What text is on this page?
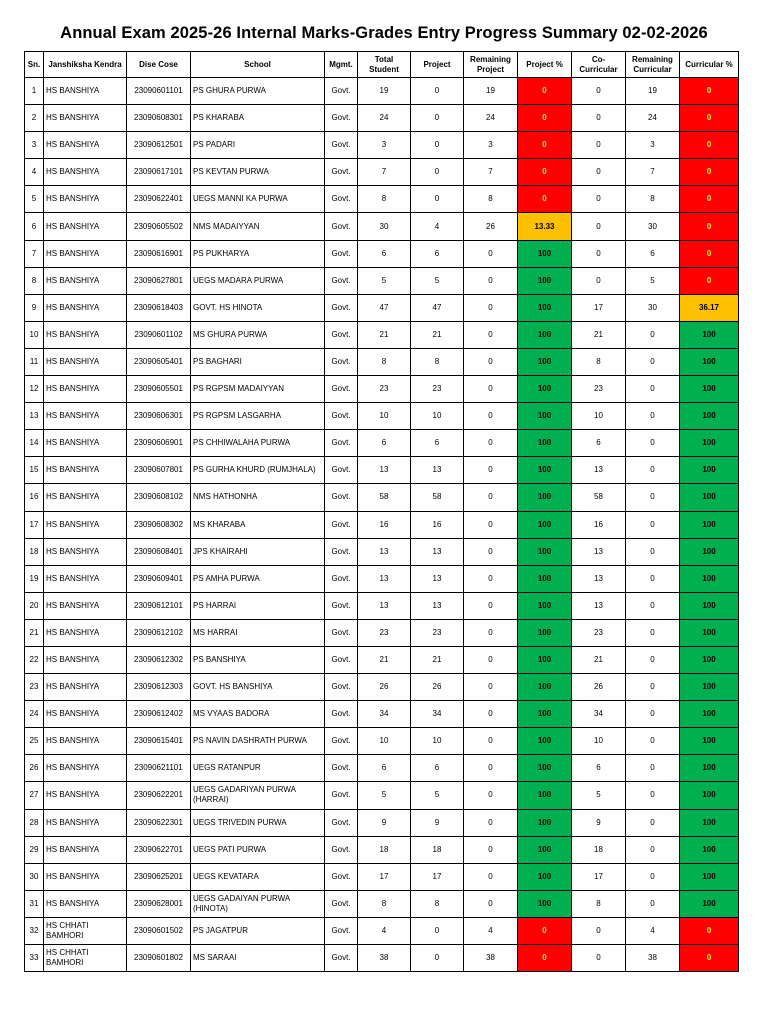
Annual Exam 2025-26 Internal Marks-Grades Entry Progress Summary 02-02-2026
Sn.	Janshiksha Kendra	Dise Cose	School	Mgmt.	Total Student	Project	Remaining Project	Project %	Co-Curricular	Remaining Curricular	Curricular %
1	HS BANSHIYA	23090601101	PS GHURA PURWA	Govt.	19	0	19	0	0	19	0
2	HS BANSHIYA	23090608301	PS KHARABA	Govt.	24	0	24	0	0	24	0
3	HS BANSHIYA	23090612501	PS PADARI	Govt.	3	0	3	0	0	3	0
4	HS BANSHIYA	23090617101	PS KEVTAN PURWA	Govt.	7	0	7	0	0	7	0
5	HS BANSHIYA	23090622401	UEGS MANNI KA PURWA	Govt.	8	0	8	0	0	8	0
6	HS BANSHIYA	23090605502	NMS MADAIYYAN	Govt.	30	4	26	13.33	0	30	0
7	HS BANSHIYA	23090616901	PS PUKHARYA	Govt.	6	6	0	100	0	6	0
8	HS BANSHIYA	23090627801	UEGS MADARA PURWA	Govt.	5	5	0	100	0	5	0
9	HS BANSHIYA	23090618403	GOVT. HS HINOTA	Govt.	47	47	0	100	17	30	36.17
10	HS BANSHIYA	23090601102	MS GHURA PURWA	Govt.	21	21	0	100	21	0	100
11	HS BANSHIYA	23090605401	PS BAGHARI	Govt.	8	8	0	100	8	0	100
12	HS BANSHIYA	23090605501	PS RGPSM MADAIYYAN	Govt.	23	23	0	100	23	0	100
13	HS BANSHIYA	23090606301	PS RGPSM LASGARHA	Govt.	10	10	0	100	10	0	100
14	HS BANSHIYA	23090606901	PS CHHIWALAHA PURWA	Govt.	6	6	0	100	6	0	100
15	HS BANSHIYA	23090607801	PS GURHA KHURD (RUMJHALA)	Govt.	13	13	0	100	13	0	100
16	HS BANSHIYA	23090608102	NMS HATHONHA	Govt.	58	58	0	100	58	0	100
17	HS BANSHIYA	23090608302	MS KHARABA	Govt.	16	16	0	100	16	0	100
18	HS BANSHIYA	23090608401	JPS KHAIRAHI	Govt.	13	13	0	100	13	0	100
19	HS BANSHIYA	23090609401	PS AMHA PURWA	Govt.	13	13	0	100	13	0	100
20	HS BANSHIYA	23090612101	PS HARRAI	Govt.	13	13	0	100	13	0	100
21	HS BANSHIYA	23090612102	MS HARRAI	Govt.	23	23	0	100	23	0	100
22	HS BANSHIYA	23090612302	PS BANSHIYA	Govt.	21	21	0	100	21	0	100
23	HS BANSHIYA	23090612303	GOVT. HS BANSHIYA	Govt.	26	26	0	100	26	0	100
24	HS BANSHIYA	23090612402	MS VYAAS BADORA	Govt.	34	34	0	100	34	0	100
25	HS BANSHIYA	23090615401	PS NAVIN DASHRATH PURWA	Govt.	10	10	0	100	10	0	100
26	HS BANSHIYA	23090621101	UEGS RATANPUR	Govt.	6	6	0	100	6	0	100
27	HS BANSHIYA	23090622201	UEGS GADARIYAN PURWA (HARRAI)	Govt.	5	5	0	100	5	0	100
28	HS BANSHIYA	23090622301	UEGS TRIVEDIN PURWA	Govt.	9	9	0	100	9	0	100
29	HS BANSHIYA	23090622701	UEGS PATI PURWA	Govt.	18	18	0	100	18	0	100
30	HS BANSHIYA	23090625201	UEGS KEVATARA	Govt.	17	17	0	100	17	0	100
31	HS BANSHIYA	23090628001	UEGS GADAIYAN PURWA (HINOTA)	Govt.	8	8	0	100	8	0	100
32	HS CHHATI BAMHORI	23090601502	PS JAGATPUR	Govt.	4	0	4	0	0	4	0
33	HS CHHATI BAMHORI	23090601802	MS SARAAI	Govt.	38	0	38	0	0	38	0
